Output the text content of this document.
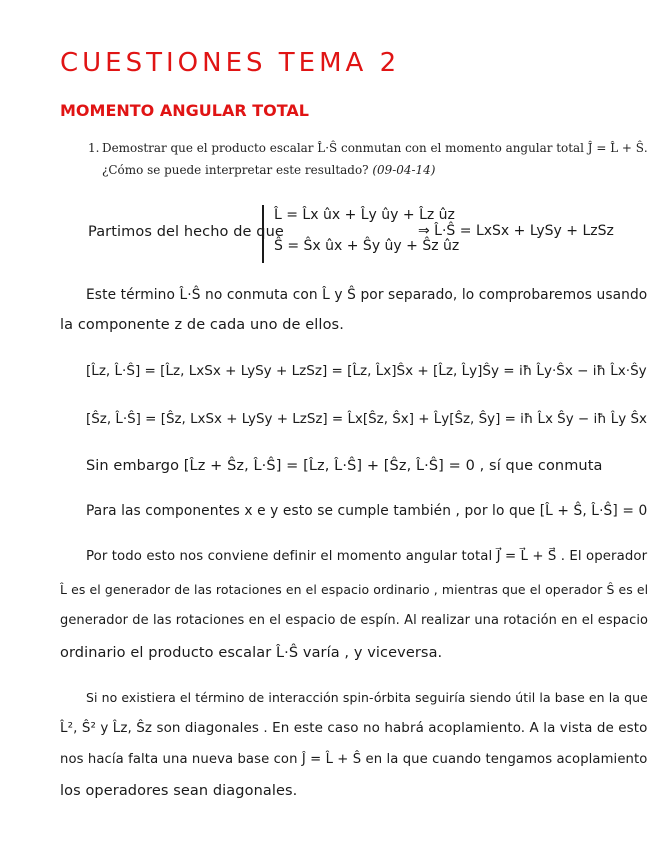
CUESTIONES TEMA 2
MOMENTO ANGULAR TOTAL
1. Demostrar que el producto escalar L̂·Ŝ conmutan con el momento angular total Ĵ = L̂ + Ŝ.
¿Cómo se puede interpretar este resultado? (09-04-14)
Partimos del hecho de que
L̂ = L̂x ûx + L̂y ûy + L̂z ûz
Ŝ = Ŝx ûx + Ŝy ûy + Ŝz ûz
⇒ L̂·Ŝ = LxSx + LySy + LzSz
Este término L̂·Ŝ no conmuta con L̂ y Ŝ por separado, lo comprobaremos usando
la componente z de cada uno de ellos.
[L̂z, L̂·Ŝ] = [L̂z, LxSx + LySy + LzSz] = [L̂z, L̂x]Ŝx + [L̂z, L̂y]Ŝy = iħ L̂y·Ŝx − iħ L̂x·Ŝy
[Ŝz, L̂·Ŝ] = [Ŝz, LxSx + LySy + LzSz] = L̂x[Ŝz, Ŝx] + L̂y[Ŝz, Ŝy] = iħ L̂x Ŝy − iħ L̂y Ŝx
Sin embargo [L̂z + Ŝz, L̂·Ŝ] = [L̂z, L̂·Ŝ] + [Ŝz, L̂·Ŝ] = 0 , sí que conmuta
Para las componentes x e y esto se cumple también , por lo que [L̂ + Ŝ, L̂·Ŝ] = 0
Por todo esto nos conviene definir el momento angular total J⃗ = L⃗ + S⃗ . El operador
L̂ es el generador de las rotaciones en el espacio ordinario , mientras que el operador Ŝ es el
generador de las rotaciones en el espacio de espín. Al realizar una rotación en el espacio
ordinario el producto escalar L̂·Ŝ varía , y viceversa.
Si no existiera el término de interacción spin-órbita seguiría siendo útil la base en la que
L̂², Ŝ² y L̂z, Ŝz son diagonales . En este caso no habrá acoplamiento. A la vista de esto
nos hacía falta una nueva base con Ĵ = L̂ + Ŝ en la que cuando tengamos acoplamiento
los operadores sean diagonales.
